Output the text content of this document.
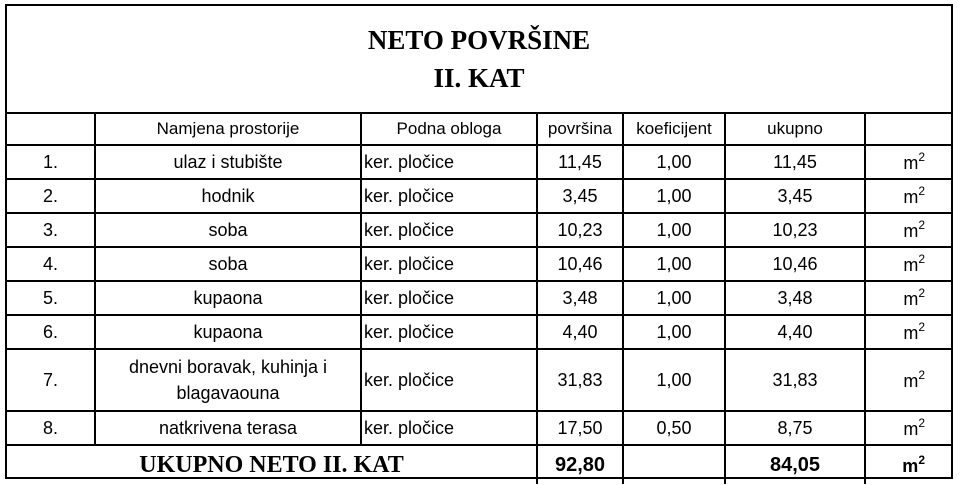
NETO POVRŠINE
II. KAT
	Namjena prostorije	Podna obloga	površina	koeficijent	ukupno	
1.	ulaz i stubište	ker. pločice	11,45	1,00	11,45	$m^2$
2.	hodnik	ker. pločice	3,45	1,00	3,45	$m^2$
3.	soba	ker. pločice	10,23	1,00	10,23	$m^2$
4.	soba	ker. pločice	10,46	1,00	10,46	$m^2$
5.	kupaona	ker. pločice	3,48	1,00	3,48	$m^2$
6.	kupaona	ker. pločice	4,40	1,00	4,40	$m^2$
7.	dnevni boravak, kuhinja i
blagavaouna	ker. pločice	31,83	1,00	31,83	$m^2$
8.	natkrivena terasa	ker. pločice	17,50	0,50	8,75	$m^2$
UKUPNO NETO II. KAT			92,80		84,05	$m^2$
